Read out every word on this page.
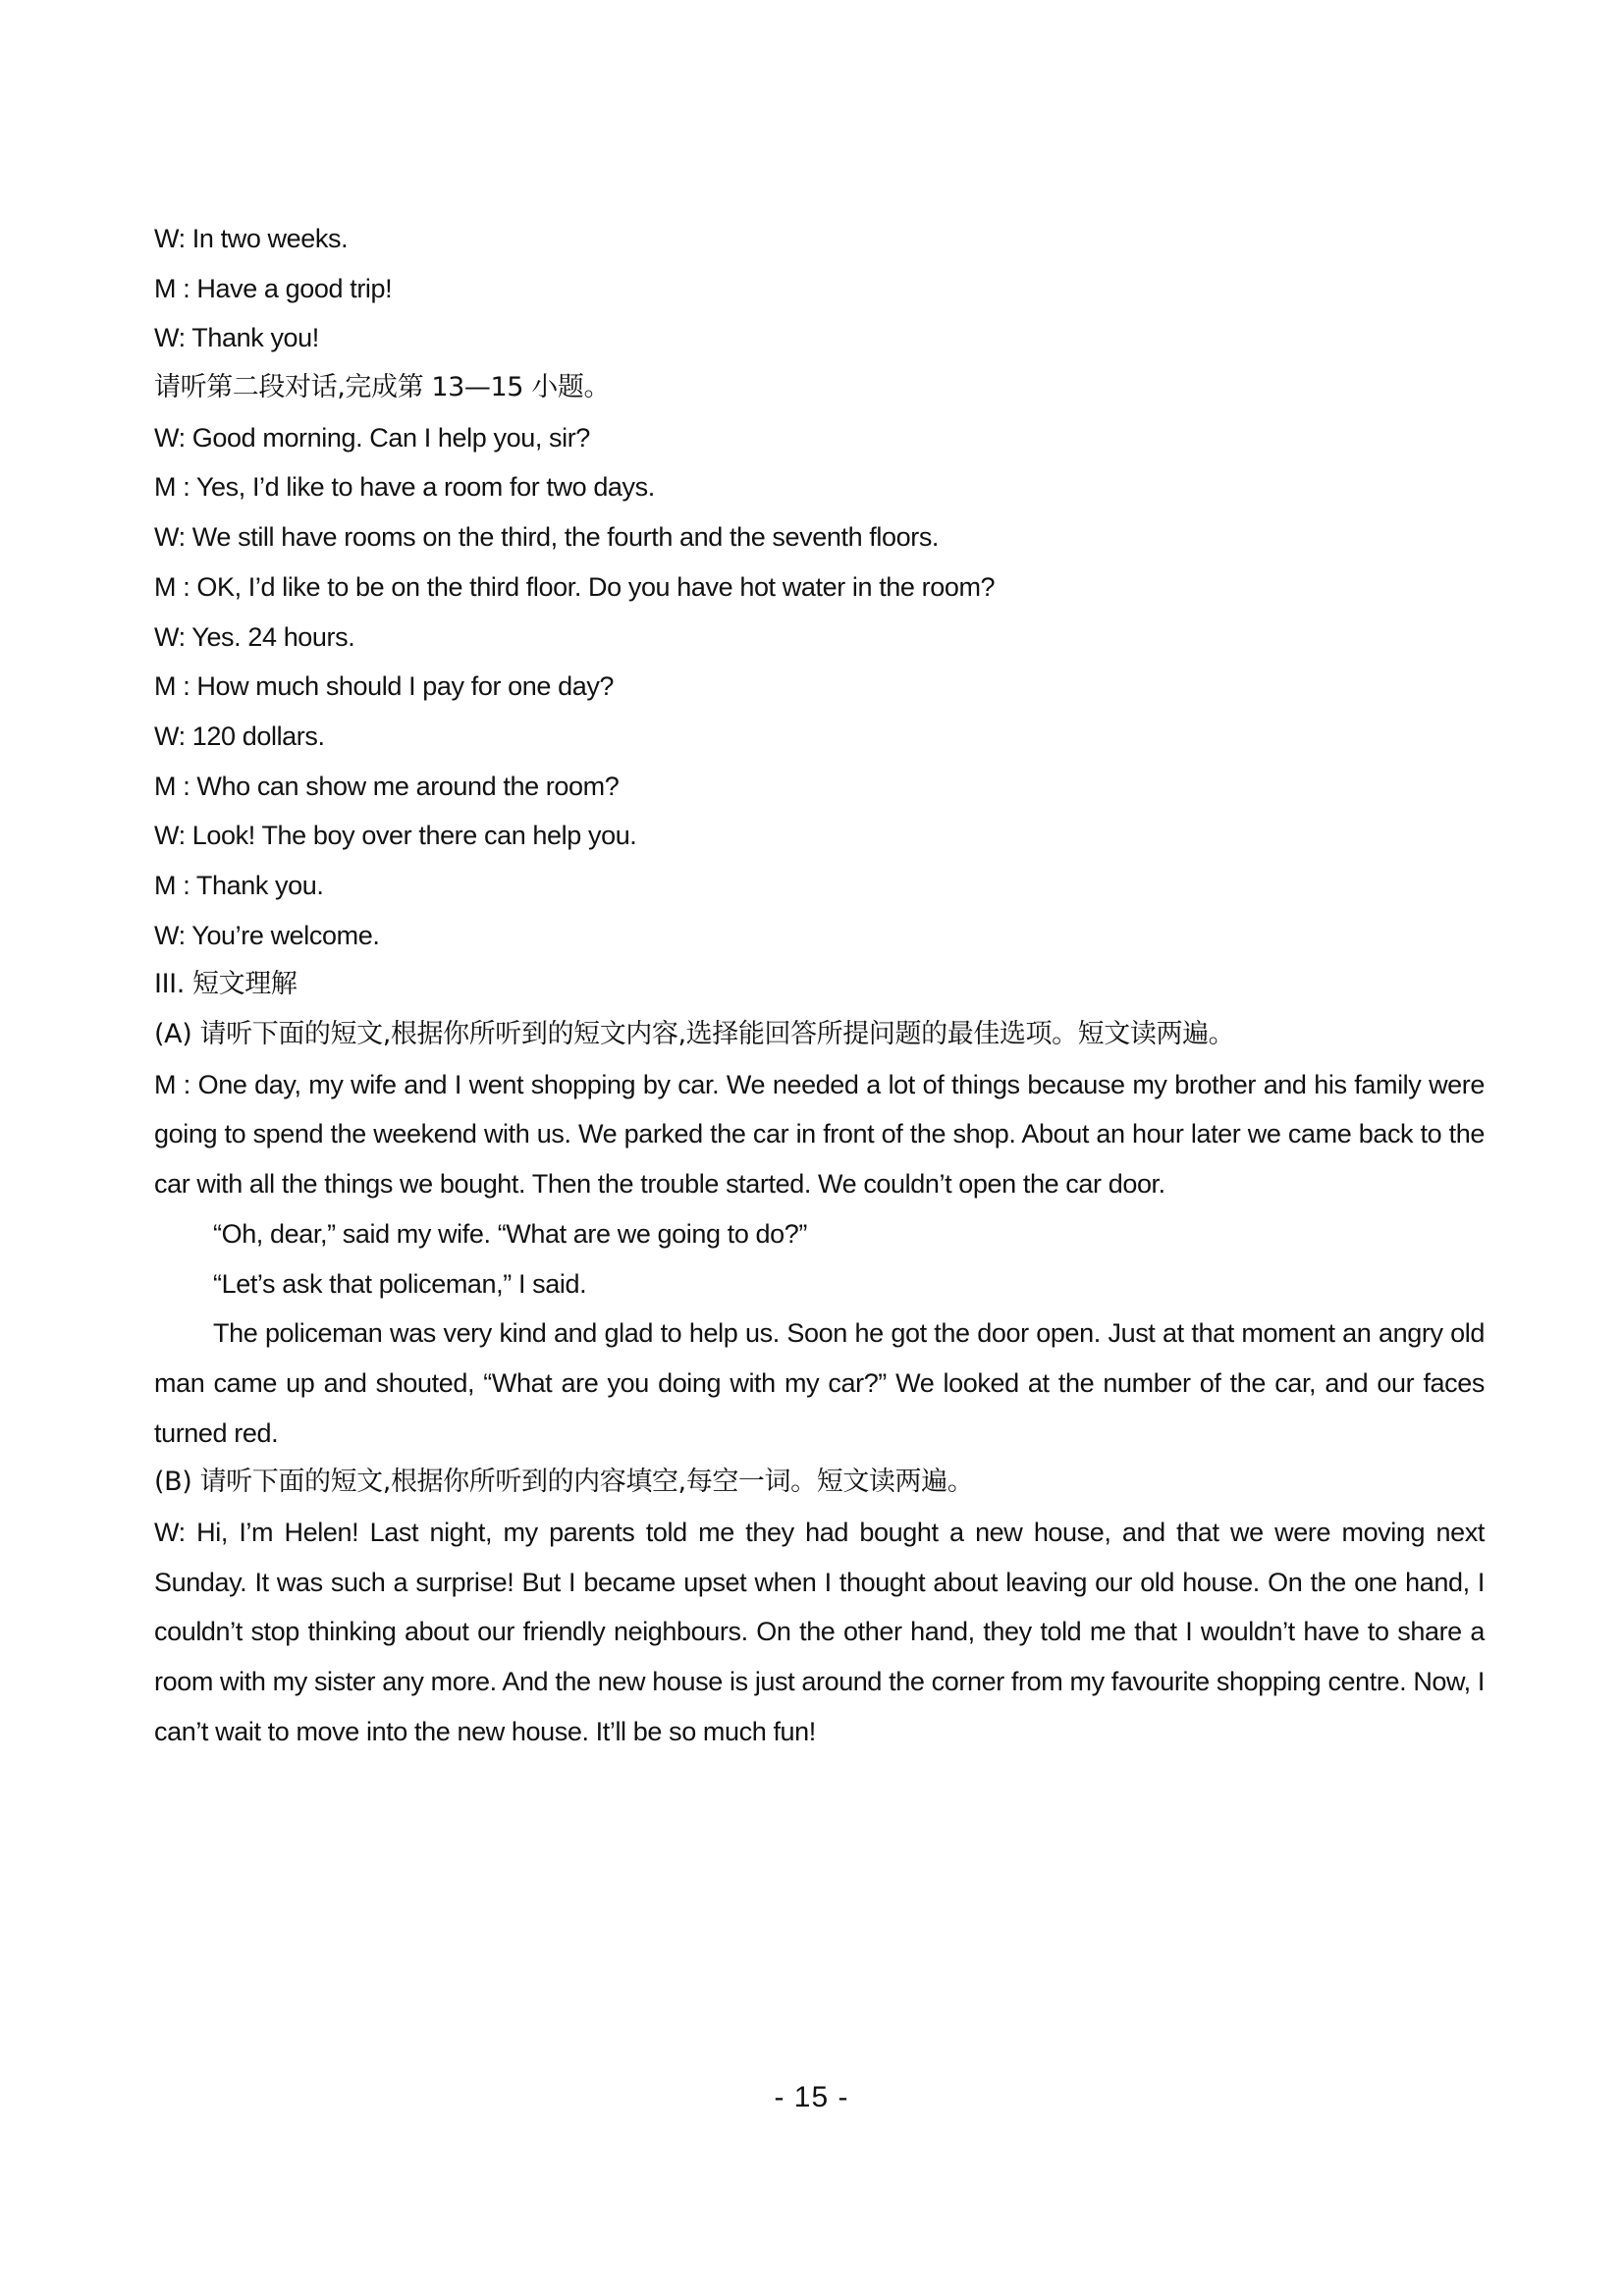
W: In two weeks.
M : Have a good trip!
W: Thank you!
请听第二段对话,完成第 13—15 小题。
W: Good morning. Can I help you, sir?
M : Yes, I’d like to have a room for two days.
W: We still have rooms on the third, the fourth and the seventh floors.
M : OK, I’d like to be on the third floor. Do you have hot water in the room?
W: Yes. 24 hours.
M : How much should I pay for one day?
W: 120 dollars.
M : Who can show me around the room?
W: Look! The boy over there can help you.
M : Thank you.
W: You’re welcome.
III. 短文理解
(A) 请听下面的短文,根据你所听到的短文内容,选择能回答所提问题的最佳选项。短文读两遍。

M : One day, my wife and I went shopping by car. We needed a lot of things because my brother and his family were going to spend the weekend with us. We parked the car in front of the shop. About an hour later we came back to the car with all the things we bought. Then the trouble started. We couldn’t open the car door.

“Oh, dear,” said my wife. “What are we going to do?”

“Let’s ask that policeman,” I said.

The policeman was very kind and glad to help us. Soon he got the door open. Just at that moment an angry old man came up and shouted, “What are you doing with my car?” We looked at the number of the car, and our faces turned red.

(B) 请听下面的短文,根据你所听到的内容填空,每空一词。短文读两遍。

W: Hi, I’m Helen! Last night, my parents told me they had bought a new house, and that we were moving next Sunday. It was such a surprise! But I became upset when I thought about leaving our old house. On the one hand, I couldn’t stop thinking about our friendly neighbours. On the other hand, they told me that I wouldn’t have to share a room with my sister any more. And the new house is just around the corner from my favourite shopping centre. Now, I can’t wait to move into the new house. It’ll be so much fun!

- 15 -
